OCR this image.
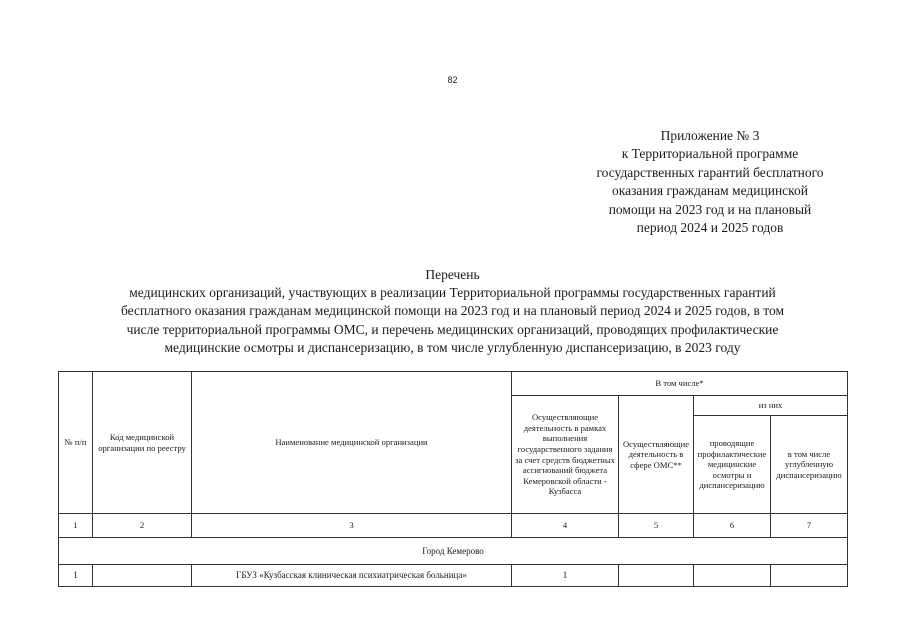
82
Приложение № 3
к Территориальной программе
государственных гарантий бесплатного
оказания гражданам медицинской
помощи на 2023 год и на плановый
период 2024 и 2025 годов
Перечень
медицинских организаций, участвующих в реализации Территориальной программы государственных гарантий
бесплатного оказания гражданам медицинской помощи на 2023 год и на плановый период 2024 и 2025 годов, в том
числе территориальной программы ОМС, и перечень медицинских организаций, проводящих профилактические
медицинские осмотры и диспансеризацию, в том числе углубленную диспансеризацию, в 2023 году
№ п/п	Код медицинской организации по реестру	Наименование медицинской организации	В том числе*			
			Осуществляющие деятельность в рамках выполнения государственного задания за счет средств бюджетных ассигнований бюджета Кемеровской области - Кузбасса	Осуществляющие деятельность в сфере ОМС**	из них	
					проводящие профилактические медицинские осмотры и диспансеризацию	в том числе углубленную диспансеризацию
1	2	3	4	5	6	7
Город Кемерово						
1		ГБУЗ «Кузбасская клиническая психиатрическая больница»	1			
